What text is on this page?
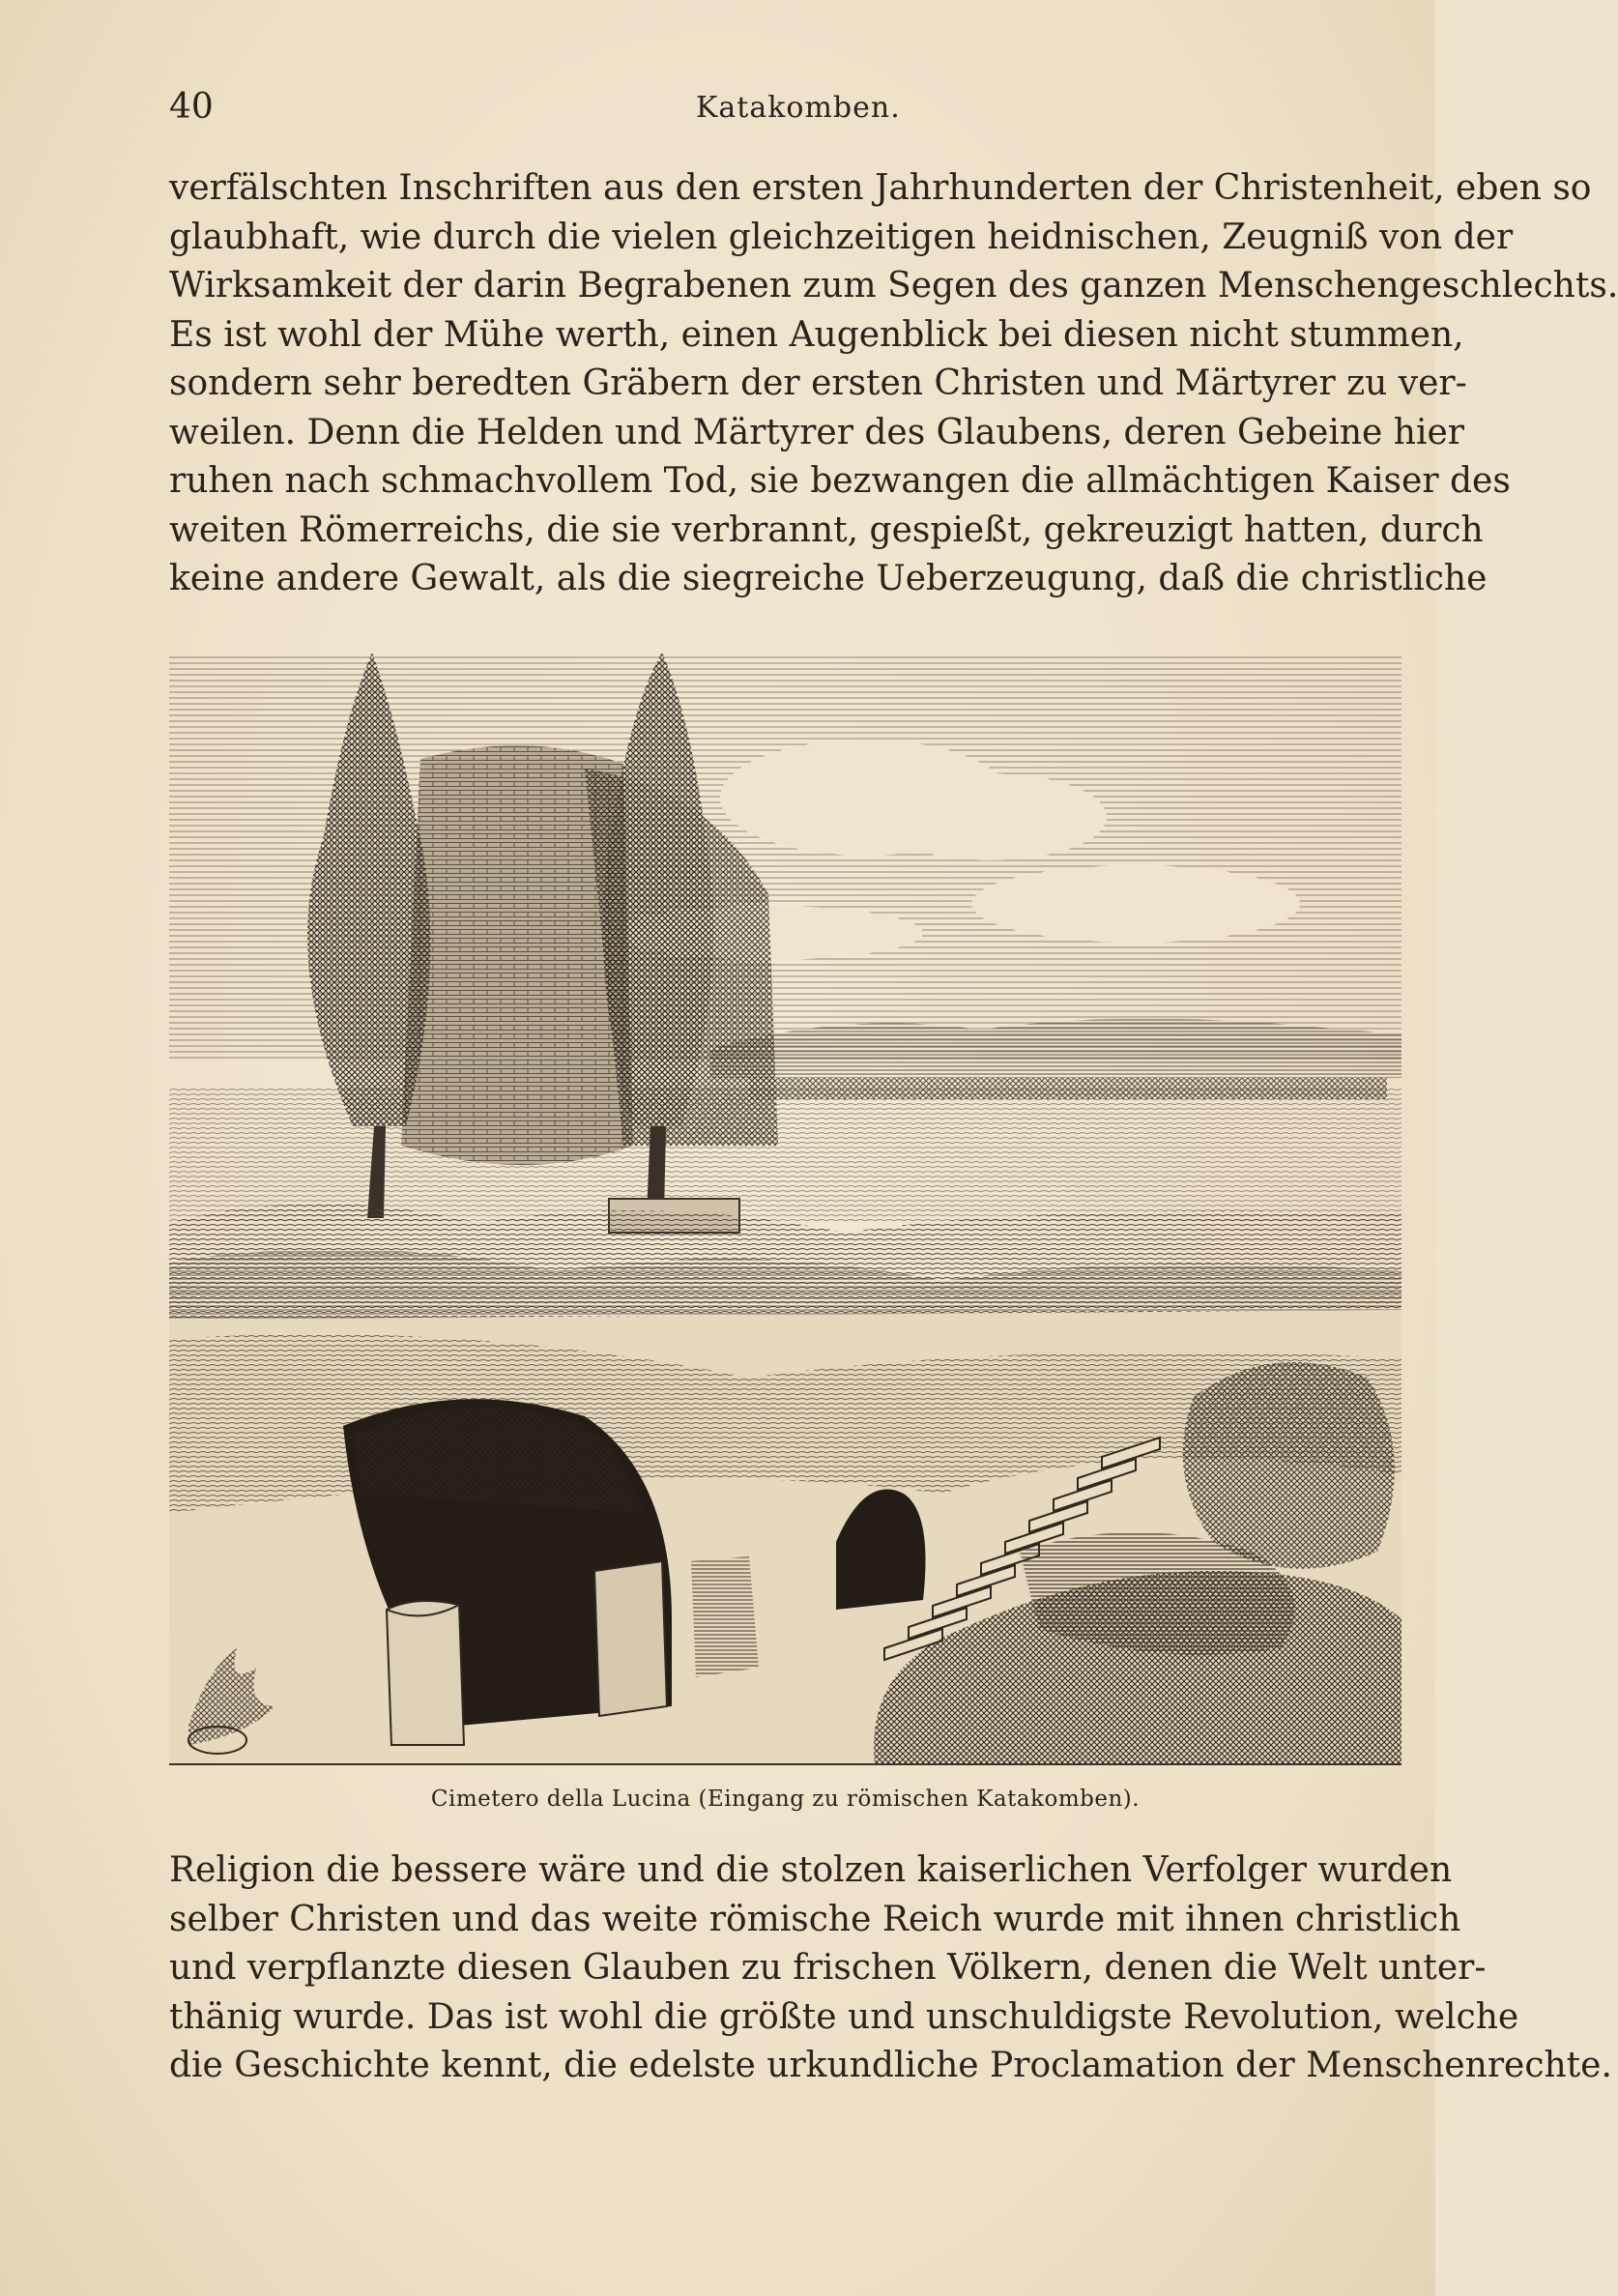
40	Katakomben.
verfälschten Inschriften aus den ersten Jahrhunderten der Christenheit, eben so
glaubhaft, wie durch die vielen gleichzeitigen heidnischen, Zeugniß von der
Wirksamkeit der darin Begrabenen zum Segen des ganzen Menschengeschlechts.
Es ist wohl der Mühe werth, einen Augenblick bei diesen nicht stummen,
sondern sehr beredten Gräbern der ersten Christen und Märtyrer zu ver-
weilen. Denn die Helden und Märtyrer des Glaubens, deren Gebeine hier
ruhen nach schmachvollem Tod, sie bezwangen die allmächtigen Kaiser des
weiten Römerreichs, die sie verbrannt, gespießt, gekreuzigt hatten, durch
keine andere Gewalt, als die siegreiche Ueberzeugung, daß die christliche
Cimetero della Lucina (Eingang zu römischen Katakomben).
Religion die bessere wäre und die stolzen kaiserlichen Verfolger wurden
selber Christen und das weite römische Reich wurde mit ihnen christlich
und verpflanzte diesen Glauben zu frischen Völkern, denen die Welt unter-
thänig wurde. Das ist wohl die größte und unschuldigste Revolution, welche
die Geschichte kennt, die edelste urkundliche Proclamation der Menschenrechte.
